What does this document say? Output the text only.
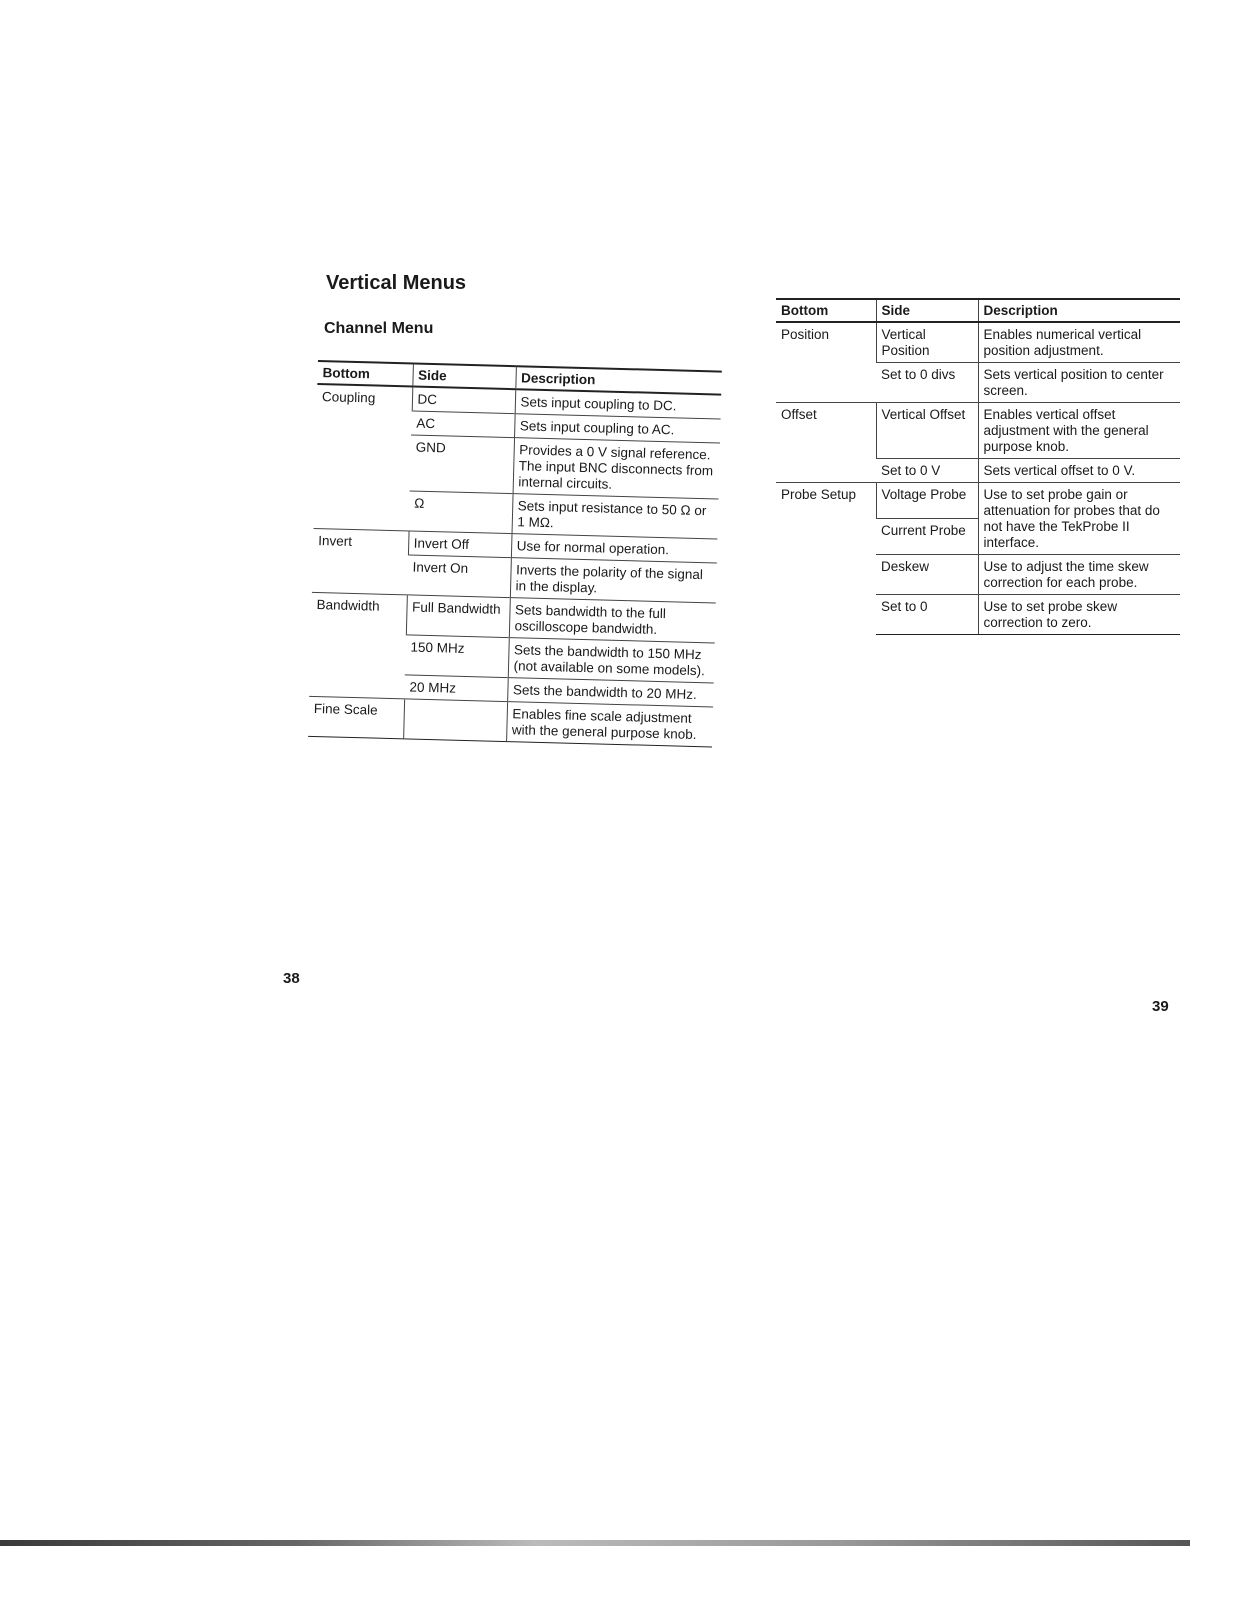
Vertical Menus
Channel Menu
Bottom	Side	Description
Coupling	DC	Sets input coupling to DC.
	AC	Sets input coupling to AC.
	GND	Provides a 0 V signal reference. The input BNC disconnects from internal circuits.
	Ω	Sets input resistance to 50 Ω or 1 MΩ.
Invert	Invert Off	Use for normal operation.
	Invert On	Inverts the polarity of the signal in the display.
Bandwidth	Full Bandwidth	Sets bandwidth to the full oscilloscope bandwidth.
	150 MHz	Sets the bandwidth to 150 MHz (not available on some models).
	20 MHz	Sets the bandwidth to 20 MHz.
Fine Scale		Enables fine scale adjustment with the general purpose knob.
Bottom	Side	Description
Position	Vertical Position	Enables numerical vertical position adjustment.
	Set to 0 divs	Sets vertical position to center screen.
Offset	Vertical Offset	Enables vertical offset adjustment with the general purpose knob.
	Set to 0 V	Sets vertical offset to 0 V.
Probe Setup	Voltage Probe	Use to set probe gain or attenuation for probes that do not have the TekProbe II interface.
	Current Probe	
	Deskew	Use to adjust the time skew correction for each probe.
	Set to 0	Use to set probe skew correction to zero.
38
39
